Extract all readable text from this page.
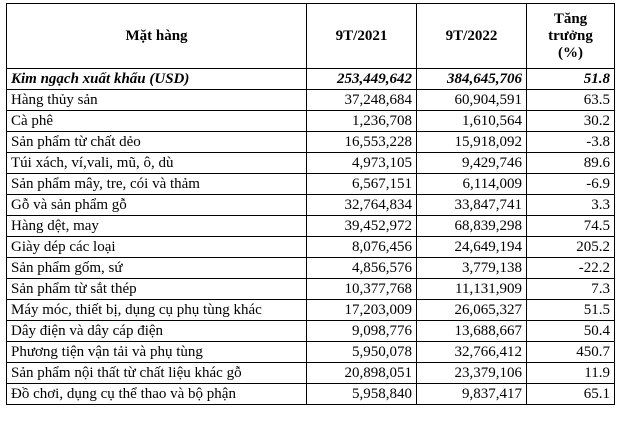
Mặt hàng	9T/2021	9T/2022	Tăng
trưởng
(%)

Kim ngạch xuất khẩu (USD)	253,449,642	384,645,706	51.8
Hàng thủy sản	37,248,684	60,904,591	63.5
Cà phê	1,236,708	1,610,564	30.2
Sản phẩm từ chất dẻo	16,553,228	15,918,092	-3.8
Túi xách, ví,vali, mũ, ô, dù	4,973,105	9,429,746	89.6
Sản phẩm mây, tre, cói và thảm	6,567,151	6,114,009	-6.9
Gỗ và sản phẩm gỗ	32,764,834	33,847,741	3.3
Hàng dệt, may	39,452,972	68,839,298	74.5
Giày dép các loại	8,076,456	24,649,194	205.2
Sản phẩm gốm, sứ	4,856,576	3,779,138	-22.2
Sản phẩm từ sắt thép	10,377,768	11,131,909	7.3
Máy móc, thiết bị, dụng cụ phụ tùng khác	17,203,009	26,065,327	51.5
Dây điện và dây cáp điện	9,098,776	13,688,667	50.4
Phương tiện vận tải và phụ tùng	5,950,078	32,766,412	450.7
Sản phẩm nội thất từ chất liệu khác gỗ	20,898,051	23,379,106	11.9
Đồ chơi, dụng cụ thể thao và bộ phận	5,958,840	9,837,417	65.1
